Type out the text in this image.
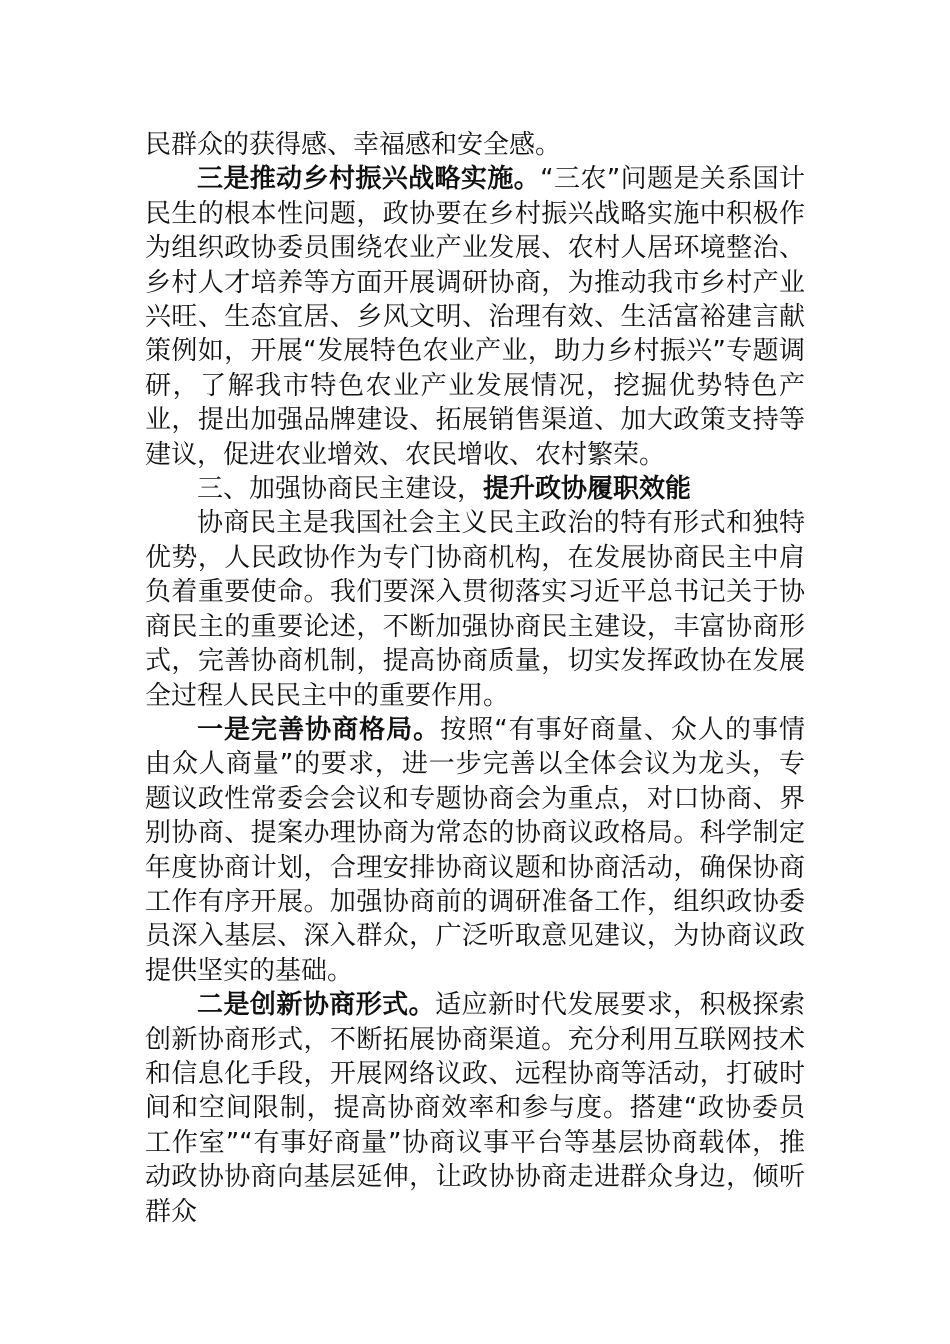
民群众的获得感、幸福感和安全感。

三是推动乡村振兴战略实施。“三农”问题是关系国计民生的根本性问题，政协要在乡村振兴战略实施中积极作为组织政协委员围绕农业产业发展、农村人居环境整治、乡村人才培养等方面开展调研协商，为推动我市乡村产业兴旺、生态宜居、乡风文明、治理有效、生活富裕建言献策例如，开展“发展特色农业产业，助力乡村振兴”专题调研，了解我市特色农业产业发展情况，挖掘优势特色产业，提出加强品牌建设、拓展销售渠道、加大政策支持等建议，促进农业增效、农民增收、农村繁荣。

三、加强协商民主建设，提升政协履职效能

协商民主是我国社会主义民主政治的特有形式和独特优势，人民政协作为专门协商机构，在发展协商民主中肩负着重要使命。我们要深入贯彻落实习近平总书记关于协商民主的重要论述，不断加强协商民主建设，丰富协商形式，完善协商机制，提高协商质量，切实发挥政协在发展全过程人民民主中的重要作用。

一是完善协商格局。按照“有事好商量、众人的事情由众人商量”的要求，进一步完善以全体会议为龙头，专题议政性常委会会议和专题协商会为重点，对口协商、界别协商、提案办理协商为常态的协商议政格局。科学制定年度协商计划，合理安排协商议题和协商活动，确保协商工作有序开展。加强协商前的调研准备工作，组织政协委员深入基层、深入群众，广泛听取意见建议，为协商议政提供坚实的基础。

二是创新协商形式。适应新时代发展要求，积极探索创新协商形式，不断拓展协商渠道。充分利用互联网技术和信息化手段，开展网络议政、远程协商等活动，打破时间和空间限制，提高协商效率和参与度。搭建“政协委员工作室”“有事好商量”协商议事平台等基层协商载体，推动政协协商向基层延伸，让政协协商走进群众身边，倾听群众
